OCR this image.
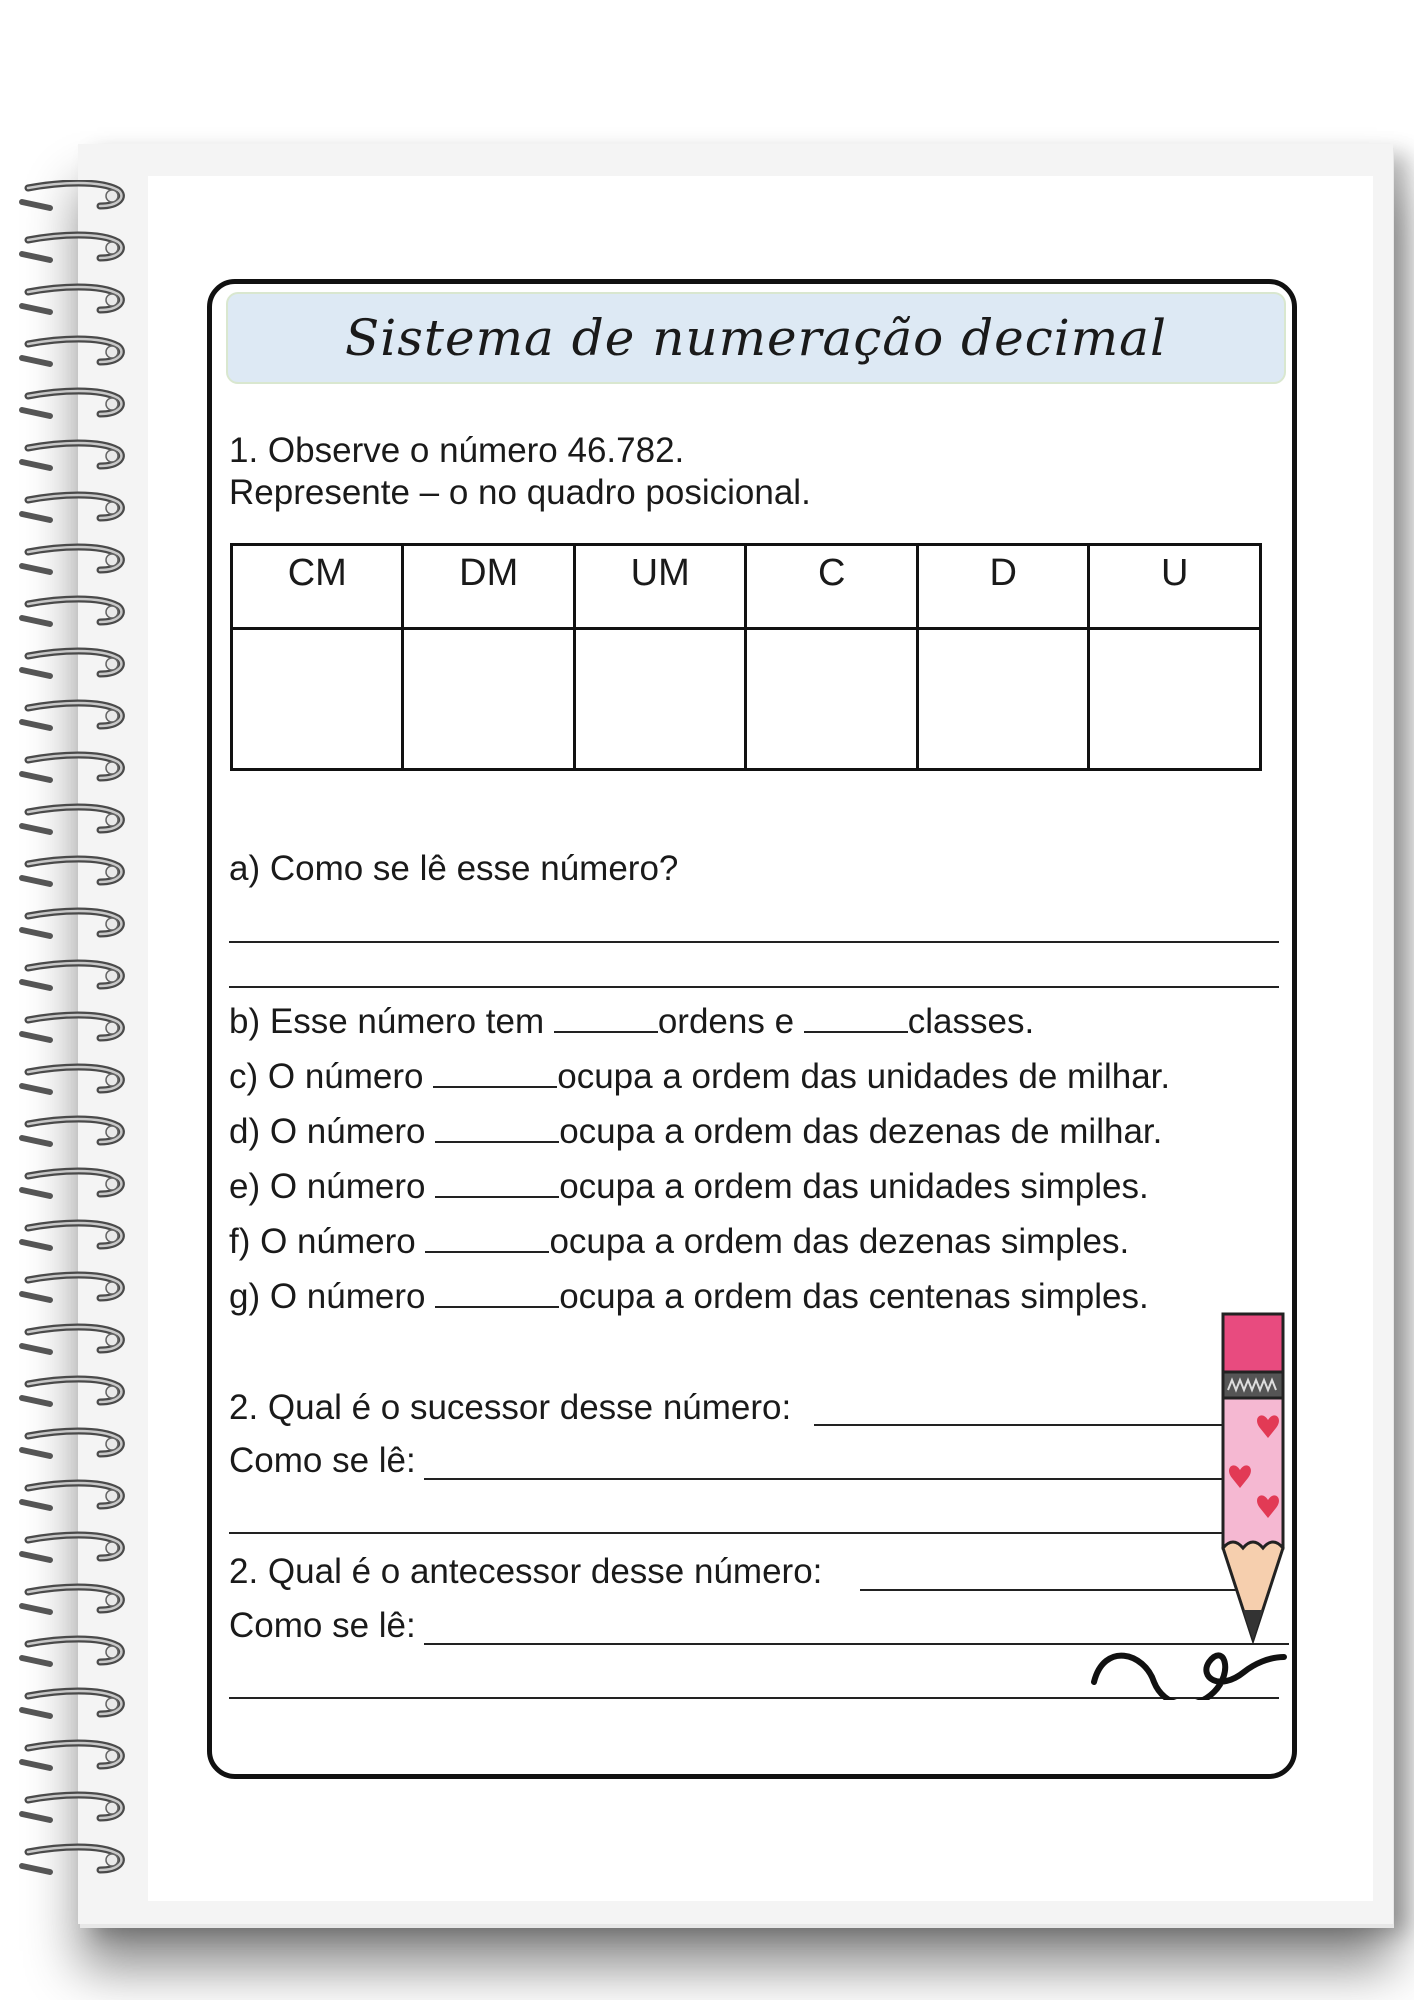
Sistema de numeração decimal
1. Observe o número 46.782.
Represente – o no quadro posicional.
CM	DM	UM	C	D	U

a) Como se lê esse número?
b) Esse número tem	ordens e	classes.
c) O número	ocupa a ordem das unidades de milhar.
d) O número	ocupa a ordem das dezenas de milhar.
e) O número	ocupa a ordem das unidades simples.
f) O número	ocupa a ordem das dezenas simples.
g) O número	ocupa a ordem das centenas simples.
2. Qual é o sucessor desse número:
Como se lê:
2. Qual é o antecessor desse número:
Como se lê:
